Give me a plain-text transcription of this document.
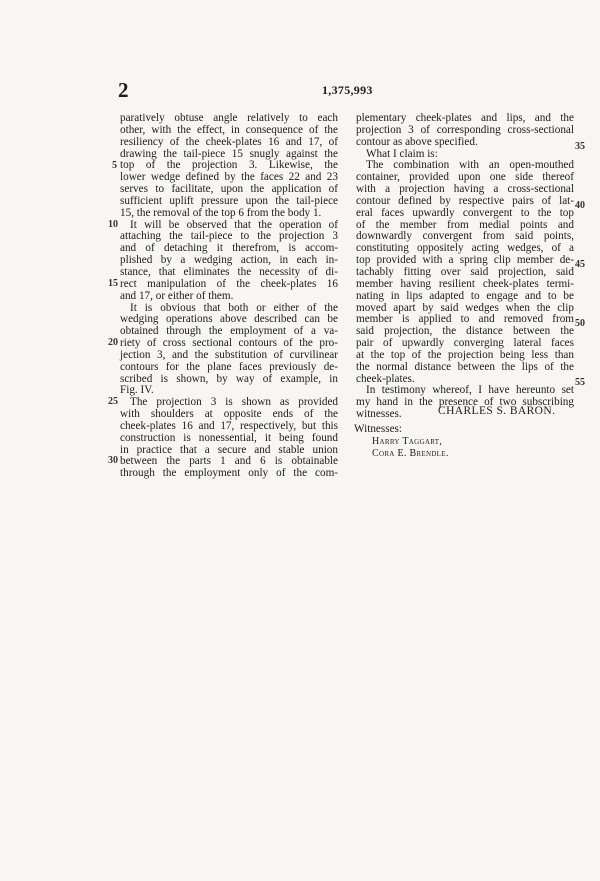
2	1,375,993
paratively obtuse angle relatively to each
other, with the effect, in consequence of the
resiliency of the cheek-plates 16 and 17, of
drawing the tail-piece 15 snugly against the
top of the projection 3. Likewise, the
lower wedge defined by the faces 22 and 23
serves to facilitate, upon the application of
sufficient uplift pressure upon the tail-piece
15, the removal of the top 6 from the body 1.
It will be observed that the operation of
attaching the tail-piece to the projection 3
and of detaching it therefrom, is accom-
plished by a wedging action, in each in-
stance, that eliminates the necessity of di-
rect manipulation of the cheek-plates 16
and 17, or either of them.
It is obvious that both or either of the
wedging operations above described can be
obtained through the employment of a va-
riety of cross sectional contours of the pro-
jection 3, and the substitution of curvilinear
contours for the plane faces previously de-
scribed is shown, by way of example, in
Fig. IV.
The projection 3 is shown as provided
with shoulders at opposite ends of the
cheek-plates 16 and 17, respectively, but this
construction is nonessential, it being found
in practice that a secure and stable union
between the parts 1 and 6 is obtainable
through the employment only of the com-
plementary cheek-plates and lips, and the
projection 3 of corresponding cross-sectional
contour as above specified.
What I claim is:
The combination with an open-mouthed
container, provided upon one side thereof
with a projection having a cross-sectional
contour defined by respective pairs of lat-
eral faces upwardly convergent to the top
of the member from medial points and
downwardly convergent from said points,
constituting oppositely acting wedges, of a
top provided with a spring clip member de-
tachably fitting over said projection, said
member having resilient cheek-plates termi-
nating in lips adapted to engage and to be
moved apart by said wedges when the clip
member is applied to and removed from
said projection, the distance between the
pair of upwardly converging lateral faces
at the top of the projection being less than
the normal distance between the lips of the
cheek-plates.
In testimony whereof, I have hereunto set
my hand in the presence of two subscribing
witnesses.
5
10
15
20
25
30
35
40
45
50
55
CHARLES S. BARON.
Witnesses:
Harry Taggart,
Cora E. Brendle.
